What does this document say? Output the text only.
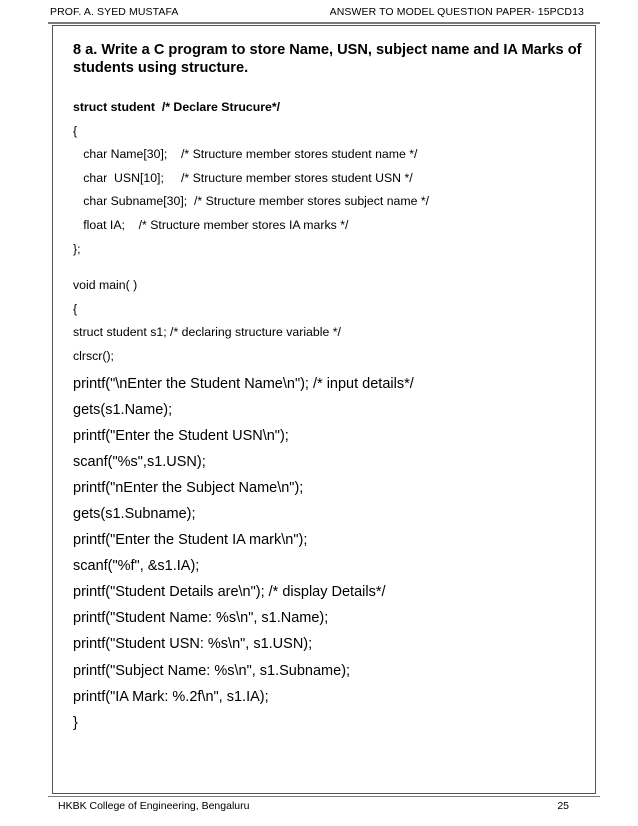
PROF. A. SYED MUSTAFA	ANSWER TO MODEL QUESTION PAPER- 15PCD13
8 a. Write a C program to store Name, USN, subject name and IA Marks of students using structure.
struct student  /* Declare Strucure*/
{
char Name[30];    /* Structure member stores student name */
char  USN[10];     /* Structure member stores student USN */
char Subname[30];  /* Structure member stores subject name */
float IA;    /* Structure member stores IA marks */
};
void main( )
{
struct student s1; /* declaring structure variable */
clrscr();
printf("\nEnter the Student Name\n"); /* input details*/
gets(s1.Name);
printf("Enter the Student USN\n");
scanf("%s",s1.USN);
printf("nEnter the Subject Name\n");
gets(s1.Subname);
printf("Enter the Student IA mark\n");
scanf("%f", &s1.IA);
printf("Student Details are\n"); /* display Details*/
printf("Student Name: %s\n", s1.Name);
printf("Student USN: %s\n", s1.USN);
printf("Subject Name: %s\n", s1.Subname);
printf("IA Mark: %.2f\n", s1.IA);
}
HKBK College of Engineering, Bengaluru	25
